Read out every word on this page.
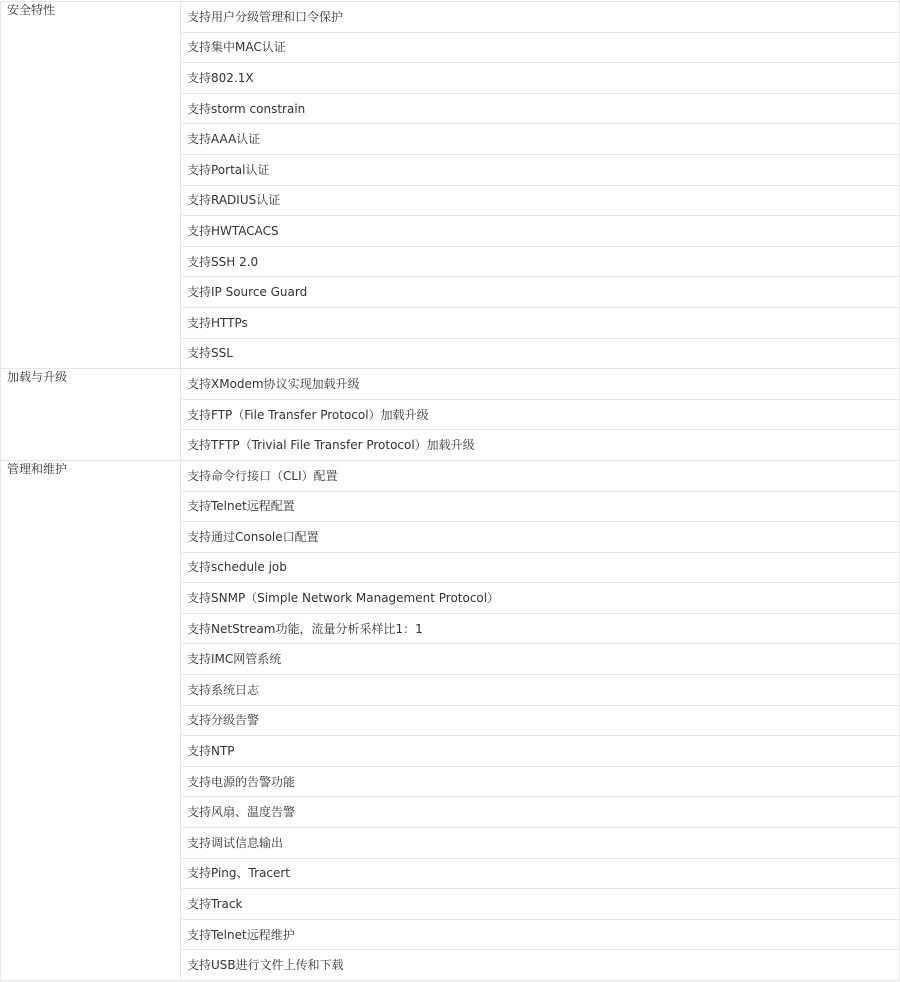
安全特性	支持用户分级管理和口令保护
	支持集中MAC认证
	支持802.1X
	支持storm constrain
	支持AAA认证
	支持Portal认证
	支持RADIUS认证
	支持HWTACACS
	支持SSH 2.0
	支持IP Source Guard
	支持HTTPs
	支持SSL
加载与升级	支持XModem协议实现加载升级
	支持FTP（File Transfer Protocol）加载升级
	支持TFTP（Trivial File Transfer Protocol）加载升级
管理和维护	支持命令行接口（CLI）配置
	支持Telnet远程配置
	支持通过Console口配置
	支持schedule job
	支持SNMP（Simple Network Management Protocol）
	支持NetStream功能，流量分析采样比1：1
	支持IMC网管系统
	支持系统日志
	支持分级告警
	支持NTP
	支持电源的告警功能
	支持风扇、温度告警
	支持调试信息输出
	支持Ping、Tracert
	支持Track
	支持Telnet远程维护
	支持USB进行文件上传和下载
